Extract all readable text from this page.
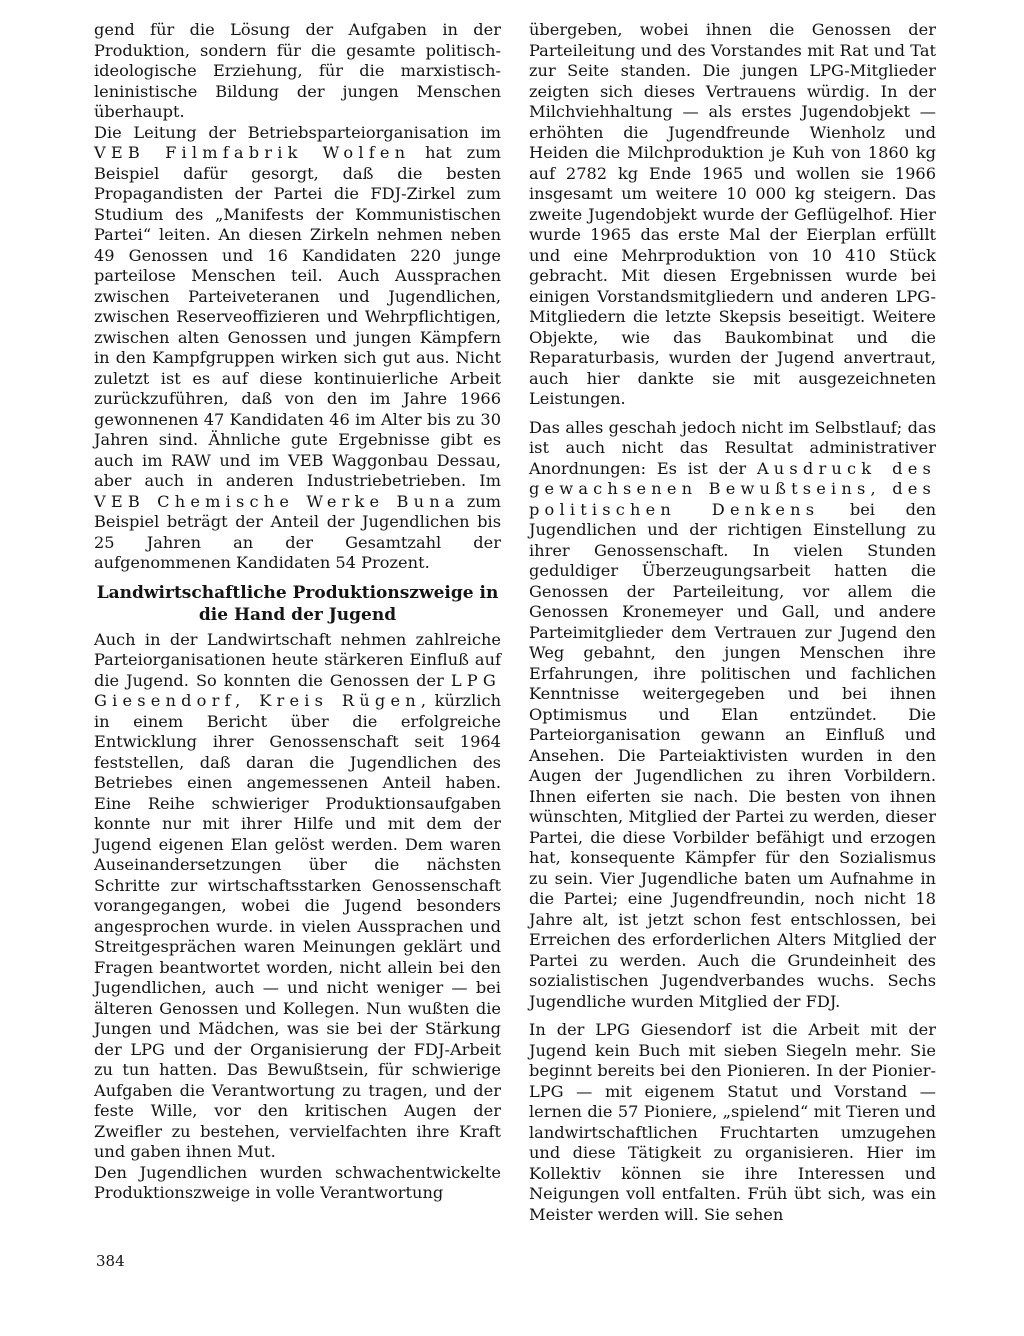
gend für die Lösung der Aufgaben in der Produktion, sondern für die gesamte politisch-ideologische Erziehung, für die marxistisch-leninistische Bildung der jungen Menschen überhaupt.

Die Leitung der Betriebsparteiorganisation im VEB Filmfabrik Wolfen hat zum Beispiel dafür gesorgt, daß die besten Propagandisten der Partei die FDJ-Zirkel zum Studium des „Manifests der Kommunistischen Partei“ leiten. An diesen Zirkeln nehmen neben 49 Genossen und 16 Kandidaten 220 junge parteilose Menschen teil. Auch Aussprachen zwischen Parteiveteranen und Jugendlichen, zwischen Reserveoffizieren und Wehrpflichtigen, zwischen alten Genossen und jungen Kämpfern in den Kampfgruppen wirken sich gut aus. Nicht zuletzt ist es auf diese kontinuierliche Arbeit zurückzuführen, daß von den im Jahre 1966 gewonnenen 47 Kandidaten 46 im Alter bis zu 30 Jahren sind. Ähnliche gute Ergebnisse gibt es auch im RAW und im VEB Waggonbau Dessau, aber auch in anderen Industriebetrieben. Im VEB Chemische Werke Buna zum Beispiel beträgt der Anteil der Jugendlichen bis 25 Jahren an der Gesamtzahl der aufgenommenen Kandidaten 54 Prozent.

Landwirtschaftliche Produktionszweige in die Hand der Jugend

Auch in der Landwirtschaft nehmen zahlreiche Parteiorganisationen heute stärkeren Einfluß auf die Jugend. So konnten die Genossen der LPG Giesendorf, Kreis Rügen, kürzlich in einem Bericht über die erfolgreiche Entwicklung ihrer Genossenschaft seit 1964 feststellen, daß daran die Jugendlichen des Betriebes einen angemessenen Anteil haben. Eine Reihe schwieriger Produktionsaufgaben konnte nur mit ihrer Hilfe und mit dem der Jugend eigenen Elan gelöst werden. Dem waren Auseinandersetzungen über die nächsten Schritte zur wirtschaftsstarken Genossenschaft vorangegangen, wobei die Jugend besonders angesprochen wurde. in vielen Aussprachen und Streitgesprächen waren Meinungen geklärt und Fragen beantwortet worden, nicht allein bei den Jugendlichen, auch — und nicht weniger — bei älteren Genossen und Kollegen. Nun wußten die Jungen und Mädchen, was sie bei der Stärkung der LPG und der Organisierung der FDJ-Arbeit zu tun hatten. Das Bewußtsein, für schwierige Aufgaben die Verantwortung zu tragen, und der feste Wille, vor den kritischen Augen der Zweifler zu bestehen, vervielfachten ihre Kraft und gaben ihnen Mut.

Den Jugendlichen wurden schwachentwickelte Produktionszweige in volle Verantwortung

übergeben, wobei ihnen die Genossen der Parteileitung und des Vorstandes mit Rat und Tat zur Seite standen. Die jungen LPG-Mitglieder zeigten sich dieses Vertrauens würdig. In der Milchviehhaltung — als erstes Jugendobjekt — erhöhten die Jugendfreunde Wienholz und Heiden die Milchproduktion je Kuh von 1860 kg auf 2782 kg Ende 1965 und wollen sie 1966 insgesamt um weitere 10 000 kg steigern. Das zweite Jugendobjekt wurde der Geflügelhof. Hier wurde 1965 das erste Mal der Eierplan erfüllt und eine Mehrproduktion von 10 410 Stück gebracht. Mit diesen Ergebnissen wurde bei einigen Vorstandsmitgliedern und anderen LPG-Mitgliedern die letzte Skepsis beseitigt. Weitere Objekte, wie das Baukombinat und die Reparaturbasis, wurden der Jugend anvertraut, auch hier dankte sie mit ausgezeichneten Leistungen.

Das alles geschah jedoch nicht im Selbstlauf; das ist auch nicht das Resultat administrativer Anordnungen: Es ist der Ausdruck des gewachsenen Bewußtseins, des politischen Denkens bei den Jugendlichen und der richtigen Einstellung zu ihrer Genossenschaft. In vielen Stunden geduldiger Überzeugungsarbeit hatten die Genossen der Parteileitung, vor allem die Genossen Kronemeyer und Gall, und andere Parteimitglieder dem Vertrauen zur Jugend den Weg gebahnt, den jungen Menschen ihre Erfahrungen, ihre politischen und fachlichen Kenntnisse weitergegeben und bei ihnen Optimismus und Elan entzündet. Die Parteiorganisation gewann an Einfluß und Ansehen. Die Parteiaktivisten wurden in den Augen der Jugendlichen zu ihren Vorbildern. Ihnen eiferten sie nach. Die besten von ihnen wünschten, Mitglied der Partei zu werden, dieser Partei, die diese Vorbilder befähigt und erzogen hat, konsequente Kämpfer für den Sozialismus zu sein. Vier Jugendliche baten um Aufnahme in die Partei; eine Jugendfreundin, noch nicht 18 Jahre alt, ist jetzt schon fest entschlossen, bei Erreichen des erforderlichen Alters Mitglied der Partei zu werden. Auch die Grundeinheit des sozialistischen Jugendverbandes wuchs. Sechs Jugendliche wurden Mitglied der FDJ.

In der LPG Giesendorf ist die Arbeit mit der Jugend kein Buch mit sieben Siegeln mehr. Sie beginnt bereits bei den Pionieren. In der Pionier-LPG — mit eigenem Statut und Vorstand — lernen die 57 Pioniere, „spielend“ mit Tieren und landwirtschaftlichen Fruchtarten umzugehen und diese Tätigkeit zu organisieren. Hier im Kollektiv können sie ihre Interessen und Neigungen voll entfalten. Früh übt sich, was ein Meister werden will. Sie sehen

384
